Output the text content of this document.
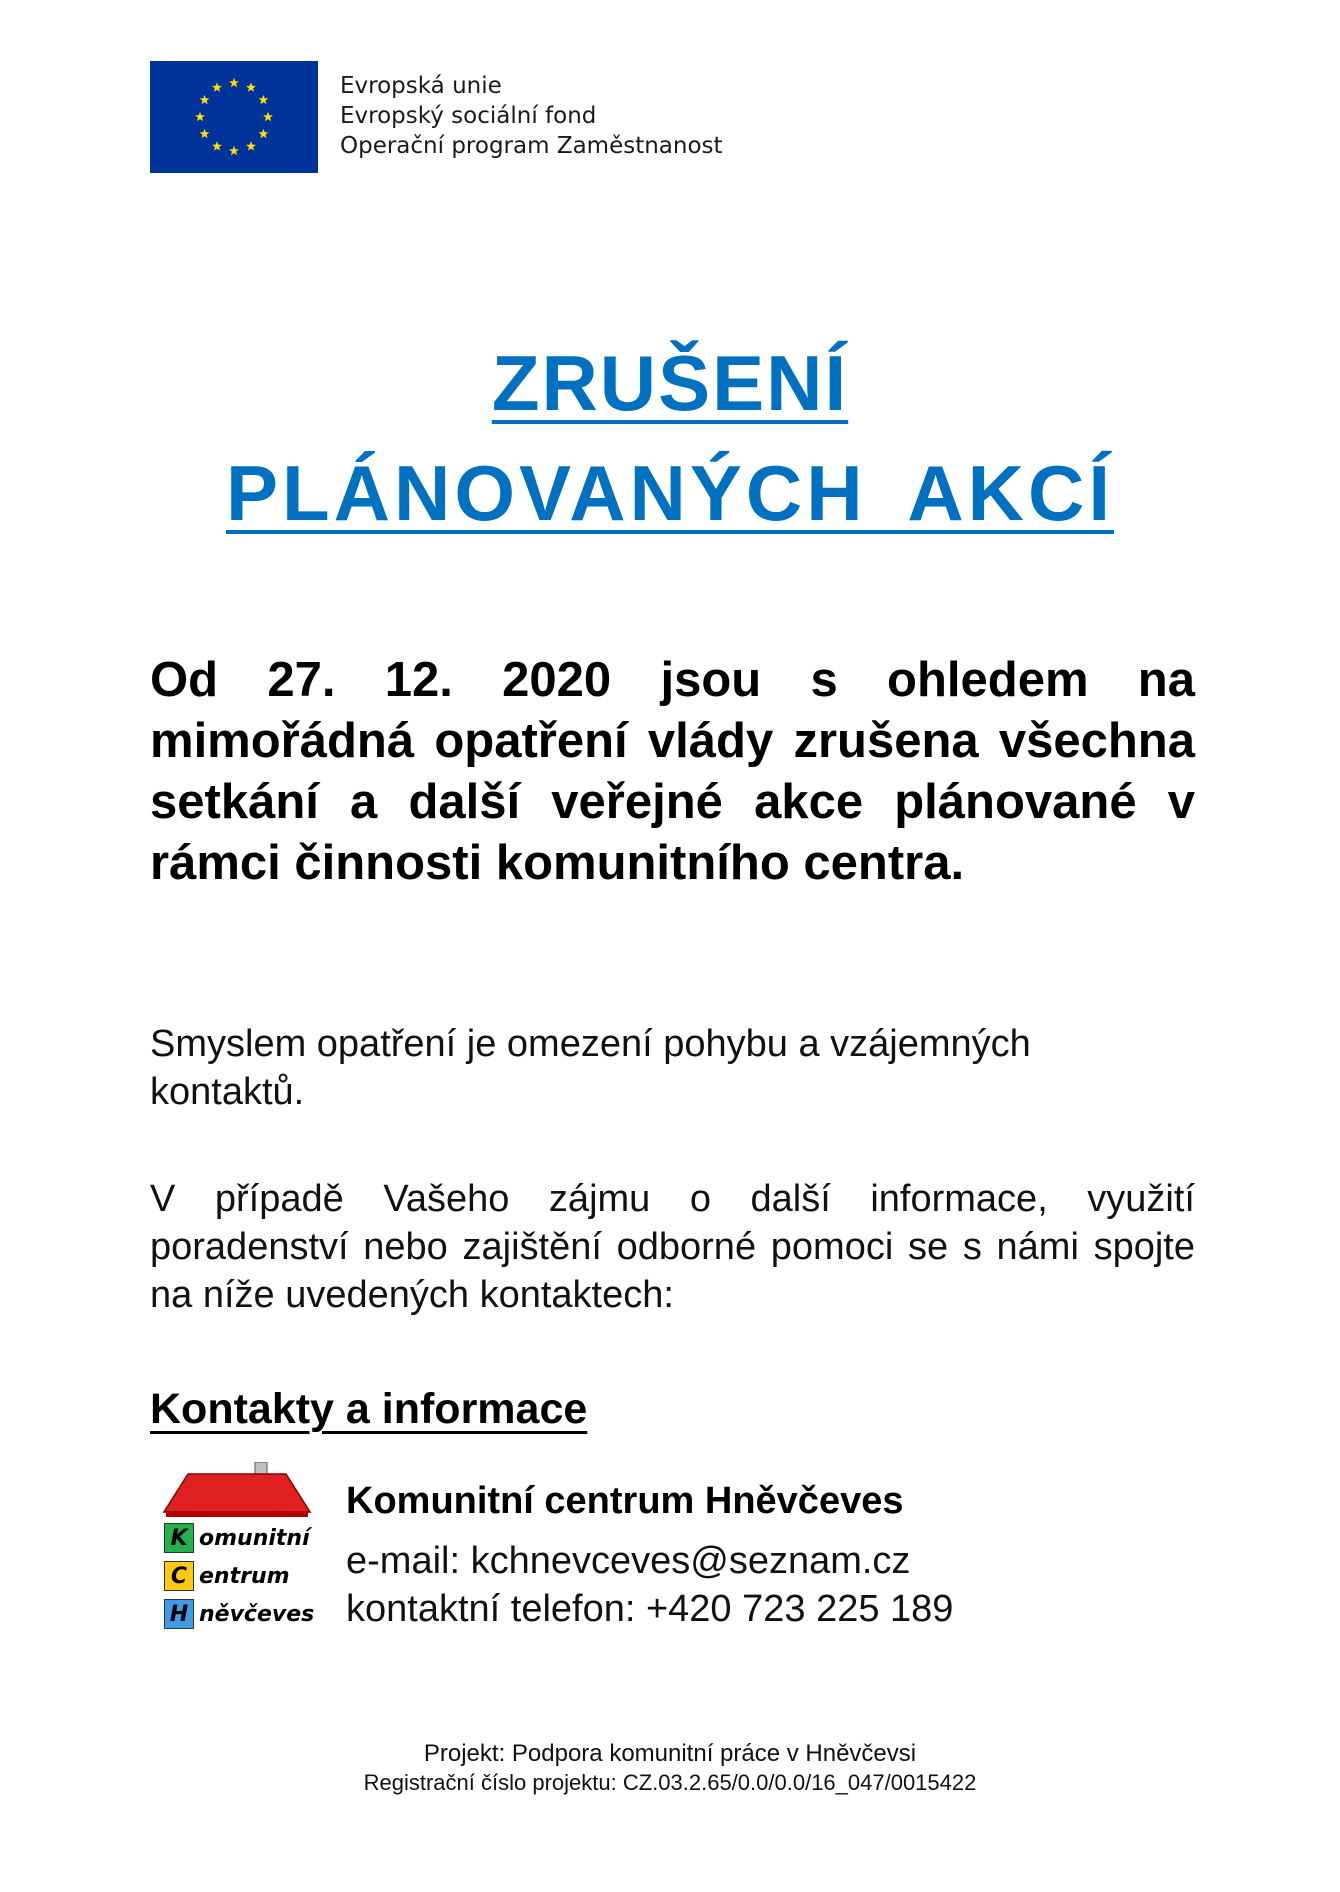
Evropská unie
Evropský sociální fond
Operační program Zaměstnanost
ZRUŠENÍ
PLÁNOVANÝCH AKCÍ
Od 27. 12. 2020 jsou s ohledem na mimořádná opatření vlády zrušena všechna setkání a další veřejné akce plánované v rámci činnosti komunitního centra.
Smyslem opatření je omezení pohybu a vzájemných kontaktů.
V případě Vašeho zájmu o další informace, využití poradenství nebo zajištění odborné pomoci se s námi spojte na níže uvedených kontaktech:
Kontakty a informace
K omunitní
C entrum
H něvčeves
Komunitní centrum Hněvčeves
e-mail: kchnevceves@seznam.cz
kontaktní telefon: +420 723 225 189
Projekt: Podpora komunitní práce v Hněvčevsi
Registrační číslo projektu: CZ.03.2.65/0.0/0.0/16_047/0015422
